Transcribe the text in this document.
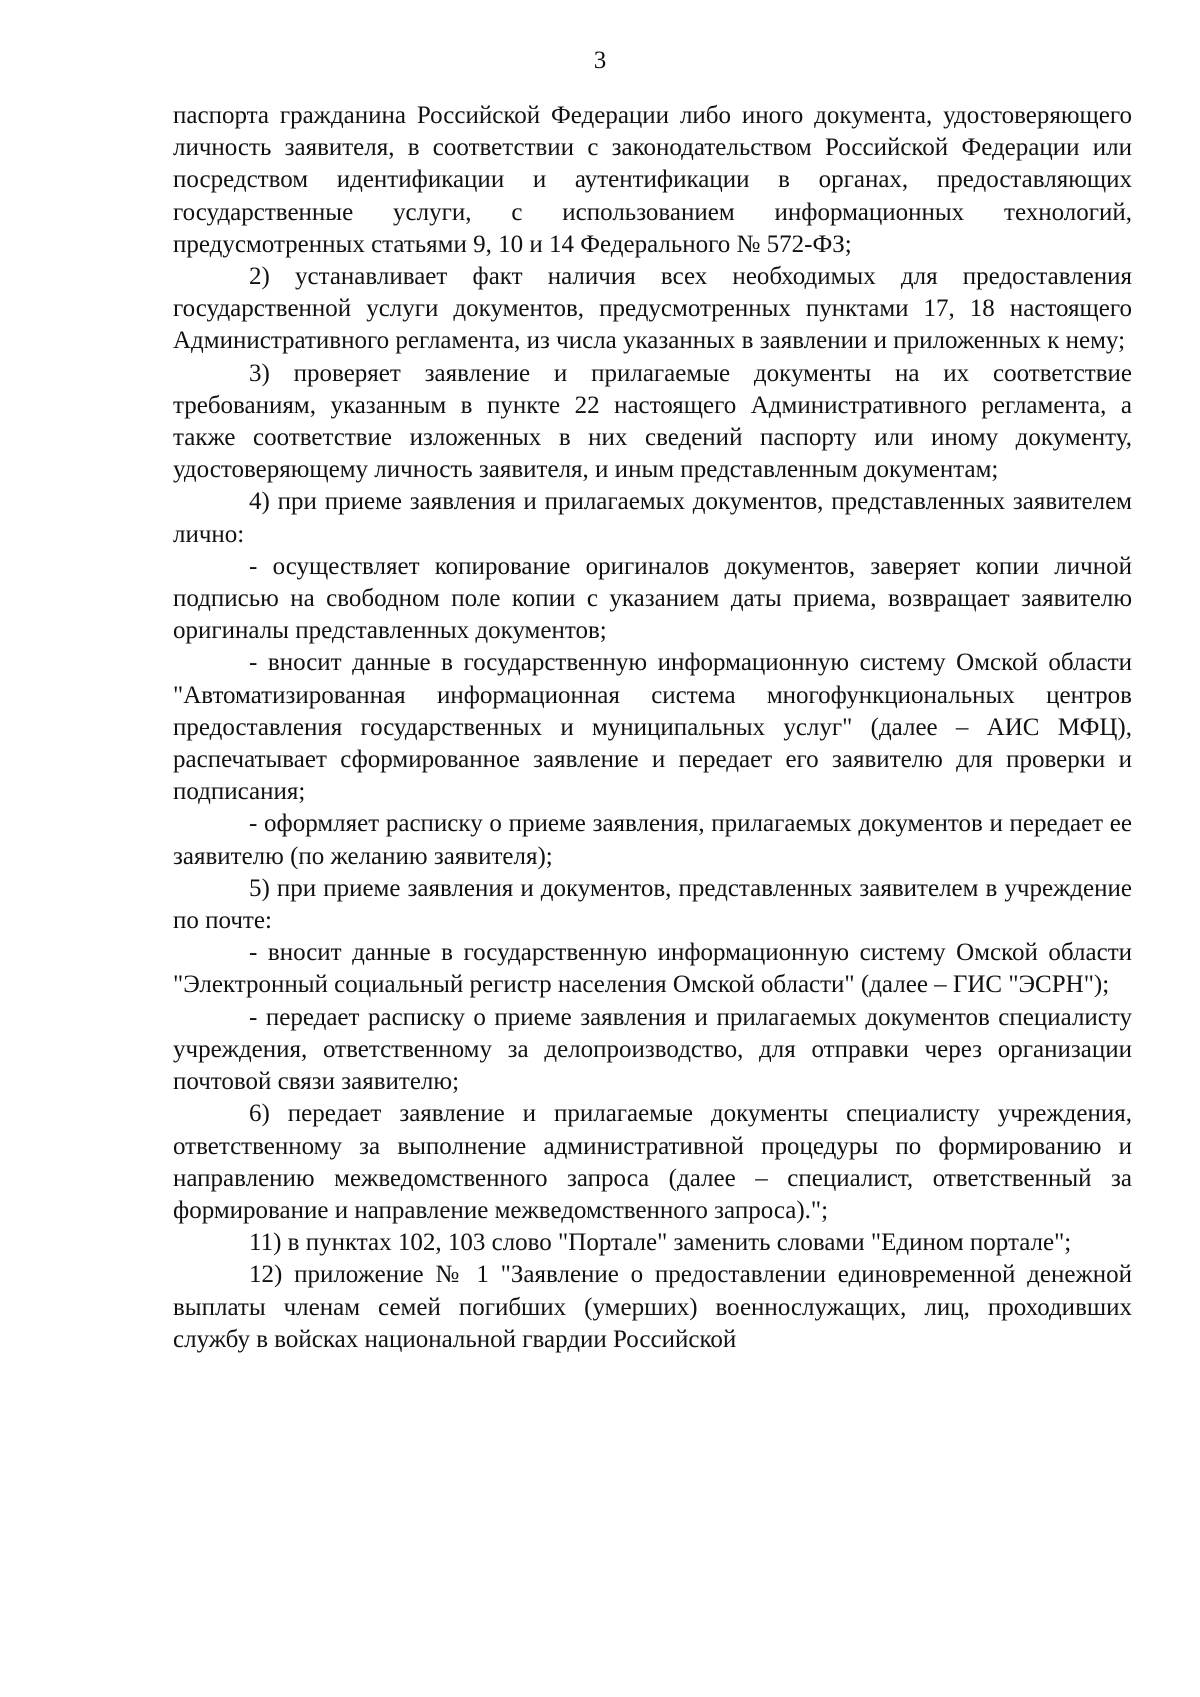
3

паспорта гражданина Российской Федерации либо иного документа, удостоверяющего личность заявителя, в соответствии с законодательством Российской Федерации или посредством идентификации и аутентификации в органах, предоставляющих государственные услуги, с использованием информационных технологий, предусмотренных статьями 9, 10 и 14 Федерального № 572-ФЗ;

2) устанавливает факт наличия всех необходимых для предоставления государственной услуги документов, предусмотренных пунктами 17, 18 настоящего Административного регламента, из числа указанных в заявлении и приложенных к нему;

3) проверяет заявление и прилагаемые документы на их соответствие требованиям, указанным в пункте 22 настоящего Административного регламента, а также соответствие изложенных в них сведений паспорту или иному документу, удостоверяющему личность заявителя, и иным представленным документам;

4) при приеме заявления и прилагаемых документов, представленных заявителем лично:

- осуществляет копирование оригиналов документов, заверяет копии личной подписью на свободном поле копии с указанием даты приема, возвращает заявителю оригиналы представленных документов;

- вносит данные в государственную информационную систему Омской области "Автоматизированная информационная система многофункциональных центров предоставления государственных и муниципальных услуг" (далее – АИС МФЦ), распечатывает сформированное заявление и передает его заявителю для проверки и подписания;

- оформляет расписку о приеме заявления, прилагаемых документов и передает ее заявителю (по желанию заявителя);

5) при приеме заявления и документов, представленных заявителем в учреждение по почте:

- вносит данные в государственную информационную систему Омской области "Электронный социальный регистр населения Омской области" (далее – ГИС "ЭСРН");

- передает расписку о приеме заявления и прилагаемых документов специалисту учреждения, ответственному за делопроизводство, для отправки через организации почтовой связи заявителю;

6) передает заявление и прилагаемые документы специалисту учреждения, ответственному за выполнение административной процедуры по формированию и направлению межведомственного запроса (далее – специалист, ответственный за формирование и направление межведомственного запроса).";

11) в пунктах 102, 103 слово "Портале" заменить словами "Едином портале";

12) приложение № 1 "Заявление о предоставлении единовременной денежной выплаты членам семей погибших (умерших) военнослужащих, лиц, проходивших службу в войсках национальной гвардии Российской
